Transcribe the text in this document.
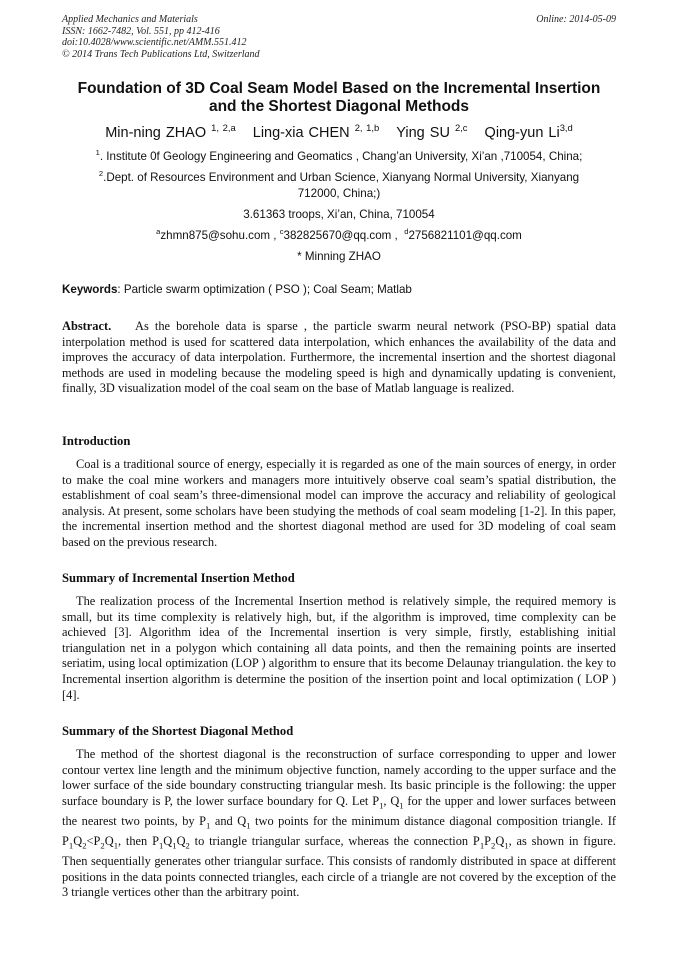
Applied Mechanics and Materials
ISSN: 1662-7482, Vol. 551, pp 412-416
doi:10.4028/www.scientific.net/AMM.551.412
© 2014 Trans Tech Publications Ltd, Switzerland
Online: 2014-05-09
Foundation of 3D Coal Seam Model Based on the Incremental Insertion
and the Shortest Diagonal Methods
Min-ning ZHAO $^{1, 2,a}$ Ling-xia CHEN $^{2, 1,b}$ Ying SU $^{2,c}$ Qing-yun Li$^{3,d}$
$^1$. Institute 0f Geology Engineering and Geomatics , Chang’an University, Xi’an ,710054, China;
$^2$.Dept. of Resources Environment and Urban Science, Xianyang Normal University, Xianyang
712000, China;)
3.61363 troops, Xi’an, China, 710054
$^a$zhmn875@sohu.com , $^c$382825670@qq.com , $^d$2756821101@qq.com
* Minning ZHAO
Keywords: Particle swarm optimization ( PSO ); Coal Seam; Matlab

Abstract. As the borehole data is sparse , the particle swarm neural network (PSO-BP) spatial data interpolation method is used for scattered data interpolation, which enhances the availability of the data and improves the accuracy of data interpolation. Furthermore, the incremental insertion and the shortest diagonal methods are used in modeling because the modeling speed is high and dynamically updating is convenient, finally, 3D visualization model of the coal seam on the base of Matlab language is realized.

Introduction

Coal is a traditional source of energy, especially it is regarded as one of the main sources of energy, in order to make the coal mine workers and managers more intuitively observe coal seam’s spatial distribution, the establishment of coal seam’s three-dimensional model can improve the accuracy and reliability of geological analysis. At present, some scholars have been studying the methods of coal seam modeling [1-2]. In this paper, the incremental insertion method and the shortest diagonal method are used for 3D modeling of coal seam based on the previous research.

Summary of Incremental Insertion Method

The realization process of the Incremental Insertion method is relatively simple, the required memory is small, but its time complexity is relatively high, but, if the algorithm is improved, time complexity can be achieved [3]. Algorithm idea of the Incremental insertion is very simple, firstly, establishing initial triangulation net in a polygon which containing all data points, and then the remaining points are inserted seriatim, using local optimization (LOP ) algorithm to ensure that its become Delaunay triangulation. the key to Incremental insertion algorithm is determine the position of the insertion point and local optimization ( LOP ) [4].

Summary of the Shortest Diagonal Method

The method of the shortest diagonal is the reconstruction of surface corresponding to upper and lower contour vertex line length and the minimum objective function, namely according to the upper surface and the lower surface of the side boundary constructing triangular mesh. Its basic principle is the following: the upper surface boundary is P, the lower surface boundary for Q. Let $P_1$, $Q_1$ for the upper and lower surfaces between the nearest two points, by $P_1$ and $Q_1$ two points for the minimum distance diagonal composition triangle. If $P_1Q_2<P_2Q_1$, then $P_1Q_1Q_2$ to triangle triangular surface, whereas the connection $P_1P_2Q_1$, as shown in figure. Then sequentially generates other triangular surface. This consists of randomly distributed in space at different positions in the data points connected triangles, each circle of a triangle are not covered by the exception of the 3 triangle vertices other than the arbitrary point.
